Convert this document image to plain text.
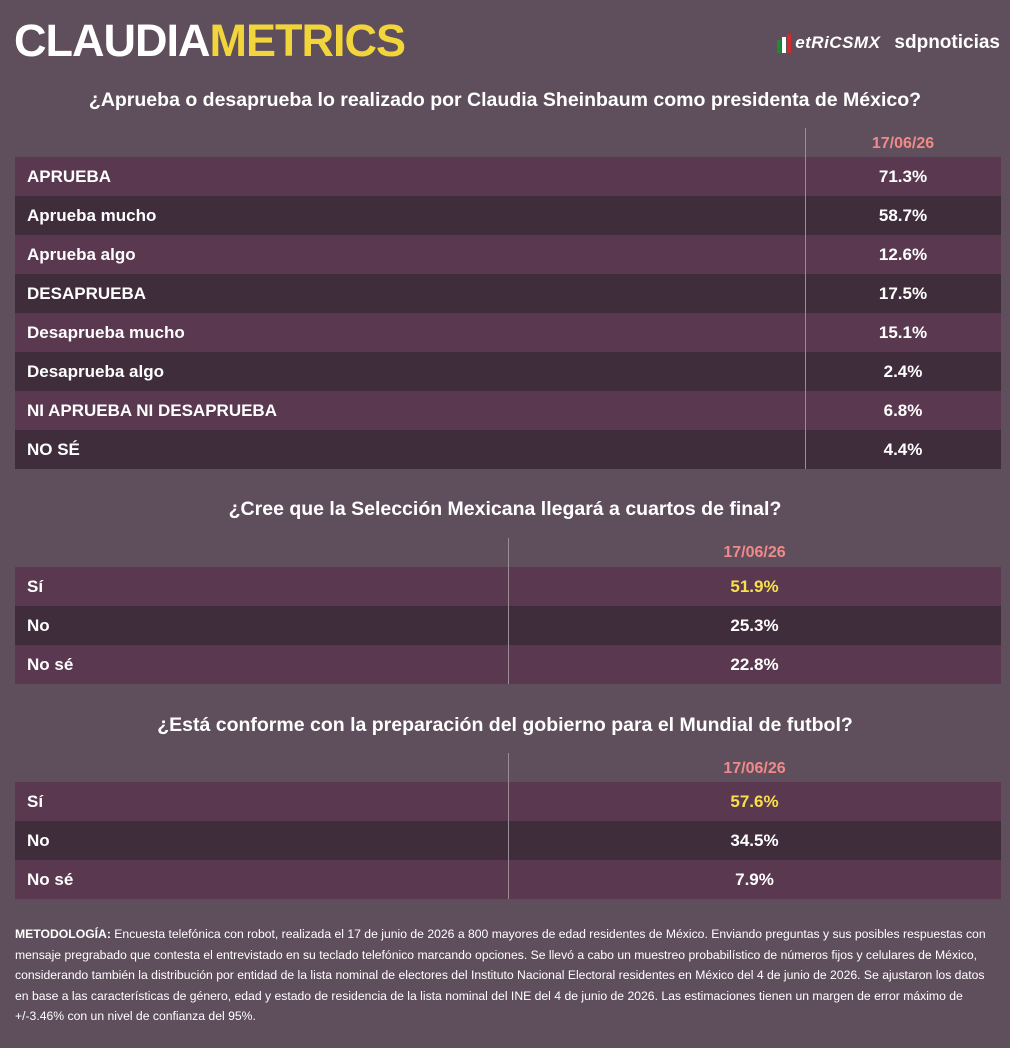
CLAUDIAMETRICS	etRiCSMX sdpnoticias
¿Aprueba o desaprueba lo realizado por Claudia Sheinbaum como presidenta de México?
17/06/26
APRUEBA	71.3%
Aprueba mucho	58.7%
Aprueba algo	12.6%
DESAPRUEBA	17.5%
Desaprueba mucho	15.1%
Desaprueba algo	2.4%
NI APRUEBA NI DESAPRUEBA	6.8%
NO SÉ	4.4%
¿Cree que la Selección Mexicana llegará a cuartos de final?
17/06/26
Sí	51.9%
No	25.3%
No sé	22.8%
¿Está conforme con la preparación del gobierno para el Mundial de futbol?
17/06/26
Sí	57.6%
No	34.5%
No sé	7.9%
METODOLOGÍA: Encuesta telefónica con robot, realizada el 17 de junio de 2026 a 800 mayores de edad residentes de México. Enviando preguntas y sus posibles respuestas con mensaje pregrabado que contesta el entrevistado en su teclado telefónico marcando opciones. Se llevó a cabo un muestreo probabilístico de números fijos y celulares de México, considerando también la distribución por entidad de la lista nominal de electores del Instituto Nacional Electoral residentes en México del 4 de junio de 2026. Se ajustaron los datos en base a las características de género, edad y estado de residencia de la lista nominal del INE del 4 de junio de 2026. Las estimaciones tienen un margen de error máximo de +/-3.46% con un nivel de confianza del 95%.
